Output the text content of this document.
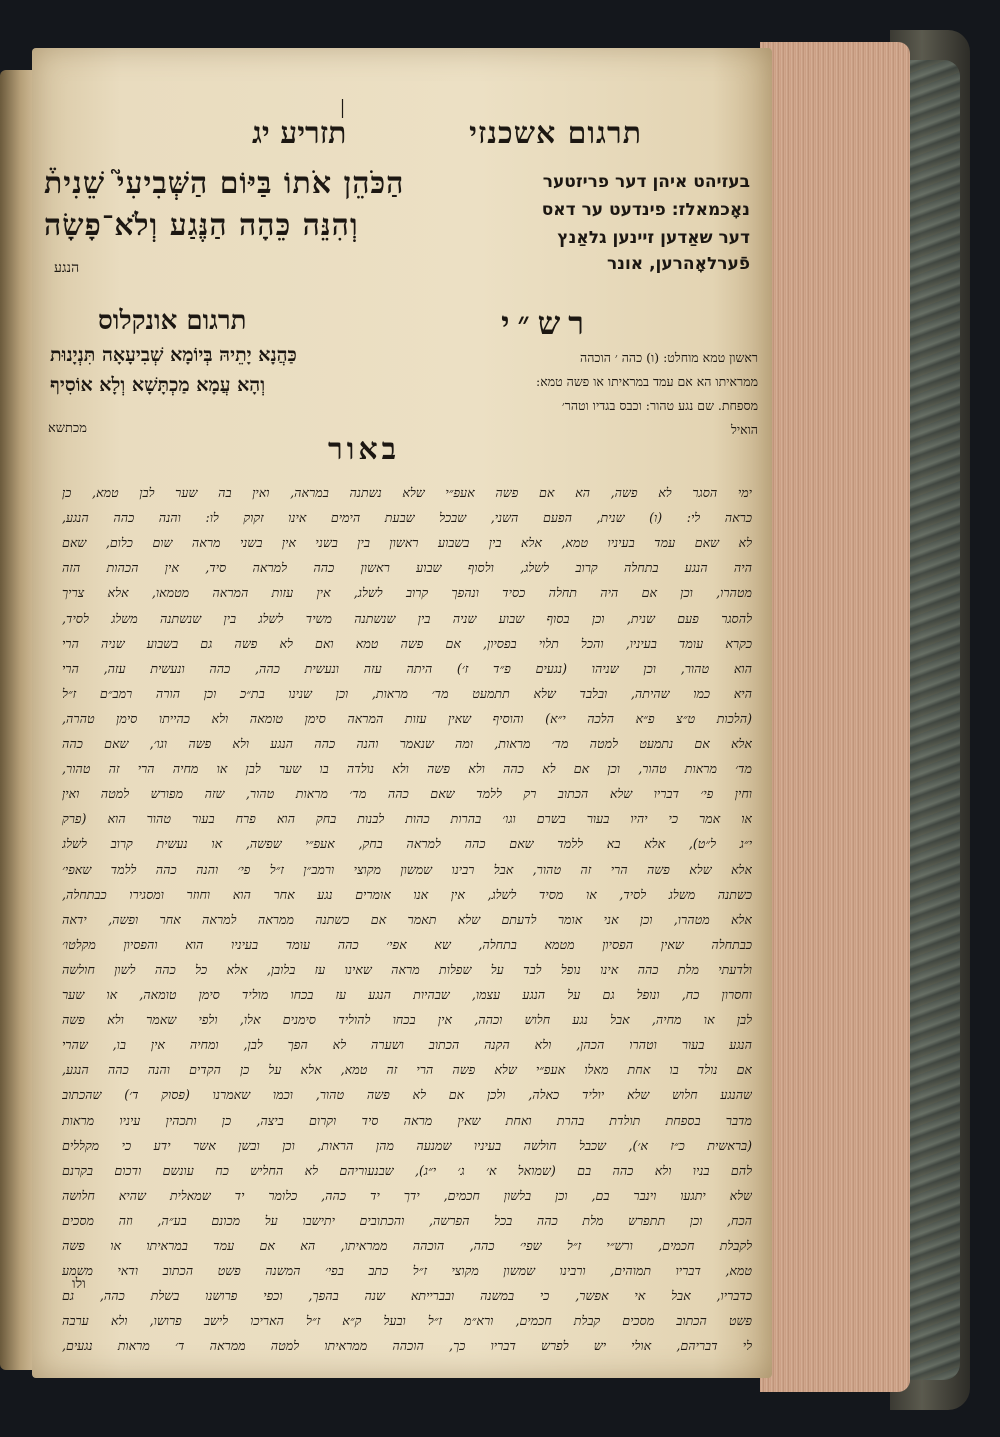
תרגום אשכנזי
תזריע יג
׀
בעזיהט איהן דער פריזטער
נאָכמאלז: פינדעט ער דאס
דער שאַדען זיינען גלאַנץ
פֿערלאָהרען, אונר
הַכֹּהֵן אֹתוֹ בַּיּוֹם הַשְּׁבִיעִי֮ שֵׁנִית֒
וְהִנֵּה כֵּהָה הַנֶּגַע וְלֹא־פָשָׂה
הנגע
רש״י
תרגום אונקלוס
ראשון טמא מוחלט: (ו) כהה ׳ הוכהה
ממראיתו הא אם עמד במראיתו או פשה טמא:
מספחת. שם נגע טהור: וכבס בגדיו וטהר׳
הואיל
כַּהֲנָא יָתֵיהּ בְּיוֹמָא שְׁבִיעָאָה תִּנְיָנוּת
וְהָא עֲמָא מַכְתָּשָׁא וְלָא אוֹסִיף
מכתשא
באור
ימי הסגר לא פשה, הא אם פשה אעפ״י שלא נשתנה במראה, ואין בה שער לבן טמא, כן
כראה לי: (ו) שנית, הפעם השני, שבכל שבעת הימים אינו זקוק לו: והנה כהה הנגע,
לא שאם עמד בעיניו טמא, אלא בין בשבוע ראשון בין בשני אין בשני מראה שום כלום, שאם
היה הנגע בתחלה קרוב לשלג, ולסוף שבוע ראשון כהה למראה סיד, אין הכהות הזה
מטהרו, וכן אם היה תחלה כסיד ונהפך קרוב לשלג, אין עזות המראה מטמאו, אלא צריך
להסגר פעם שנית, וכן בסוף שבוע שניה בין שנשתנה משיד לשלג בין שנשתנה משלג לסיד,
כקרא עומד בעיניו, והכל תלוי בפסיון, אם פשה טמא ואם לא פשה גם בשבוע שניה הרי
הוא טהור, וכן שניהו (נגעים פ״ד ז׳) היתה עזה ונעשית כהה, כהה ונעשית עזה, הרי
היא כמו שהיתה, ובלבד שלא תתמעט מד׳ מראות, וכן שנינו בת״כ וכן הורה רמב״ם ז״ל
(הלכות ט״צ פ״א הלכה י״א) והוסיף שאין עזות המראה סימן טומאה ולא כהייתו סימן טהרה,
אלא אם נתמעט למטה מד׳ מראות, ומה שנאמר והנה כהה הנגע ולא פשה וגו׳, שאם כהה
מד׳ מראות טהור, וכן אם לא כהה ולא פשה ולא נולדה בו שער לבן או מחיה הרי זה טהור,
וחין פי׳ דבריו שלא הכתוב רק ללמד שאם כהה מד׳ מראות טהור, שזה מפורש למטה ואין
או אמר כי יהיו בעור בשרם וגו׳ בהרות כהות לבנות בחק הוא פרח בעור טהור הוא (פרק
י״ג ל״ט), אלא בא ללמד שאם כהה למראה בחק, אעפ״י שפשה, או נעשית קרוב לשלג
אלא שלא פשה הרי זה טהור, אבל רבינו שמשון מקוצי ורמב״ן ז״ל פי׳ והנה כהה ללמד שאפי׳
כשתנה משלג לסיד, או מסיד לשלג, אין אנו אומרים נגע אחר הוא וחוזר ומסגירו כבתחלה,
אלא מטהרו, וכן אני אומר לדעתם שלא תאמר אם כשתנה ממראה למראה אחר ופשה, ידאה
כבתחלה שאין הפסיון מטמא בתחלה, שא אפי׳ כהה עומד בעיניו הוא והפסיון מקלטו׳
ולדעתי מלת כהה אינו נופל לבד על שפלות מראה שאינו עז בלובן, אלא כל כהה לשון חולשה
וחסרון כח, ונופל גם על הנגע עצמו, שבהיות הנגע עז בכחו מוליד סימן טומאה, או שער
לבן או מחיה, אבל נגע חלוש וכהה, אין בכחו להוליד סימנים אלו, ולפי שאמר ולא פשה
הנגע בעור וטהרו הכהן, ולא הקנה הכתוב ושערה לא הפך לבן, ומחיה אין בו, שהרי
אם נולד בו אחת מאלו אעפ״י שלא פשה הרי זה טמא, אלא על כן הקדים והנה כהה הנגע,
שהנגע חלוש שלא יוליד כאלה, ולכן אם לא פשה טהור, וכמו שאמרנו (פסוק ד׳) שהכתוב
מדבר בספחת תולדת בהרת ואחת שאין מראה סיד וקרום ביצה, כן ותכהין עיניו מראות
(בראשית כ״ז א׳), שכבל חולשה בעיניו שמנעה מהן הראות, וכן ובשן אשר ידע כי מקללים
להם בניו ולא כהה בם (שמואל א׳ ג׳ י״ג), שבנעוריהם לא החליש כח עונשם ודכום בקרנם
שלא יתגעו וינבר בם, וכן בלשון חכמים, ידך יד כהה, כלומר יד שמאלית שהיא חלושה
הכח, וכן תתפרש מלת כהה בכל הפרשה, והכתובים יתישבו על מכונם בע״ה, וזה מסכים
לקבלת חכמים, ורש״י ז״ל שפי׳ כהה, הוכהה ממראיתו, הא אם עמד במראיתו או פשה
טמא, דבריו תמוהים, ורבינו שמשון מקוצי ז״ל כתב בפי׳ המשנה פשט הכתוב ודאי משמע
כדבריו, אבל אי אפשר, כי במשנה ובברייתא שנה בהפך, וכפי פרושנו בשלת כהה, גם
פשט הכתוב מסכים קבלת חכמים, ורא״מ ז״ל ובעל ק״א ז״ל האריכו לישב פרושו, ולא ערבה
לי דבריהם, אולי יש לפרש דבריו כך, הוכהה ממראיתו למטה ממראה ד׳ מראות נגעים,
ולו
